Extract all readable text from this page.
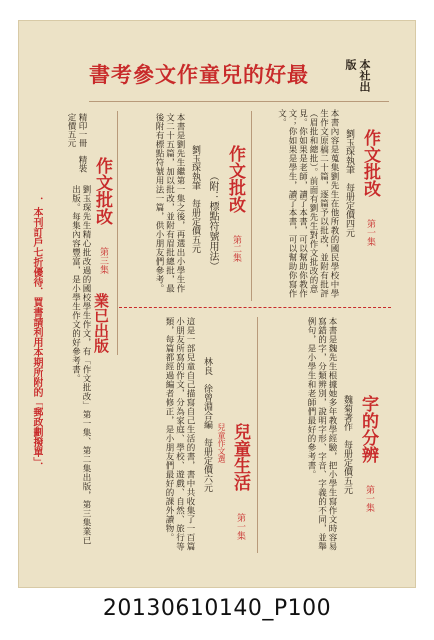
最好的兒童作文參考書	本社出版
作文批改
第一集
劉玉琛執筆　每册定價四元
本書內容是蒐集劉先生在他所教的國民學校中學生作文原稿二十篇，逐篇予以批改，並附有批評（眉批和總批）。前面有劉先生對作文批改的意見。你如果是老師，讀了本書，可以幫助你教作文；你如果是學生，讀了本書，可以幫助你寫作文。
作文批改
第二集
（附：標點符號用法）
劉玉琛執筆　每册定價五元
本書是劉先生繼第一集之後，再選出小學生作文二十五篇，加以批改，並附有眉批總批，最後附有標點符號用法一篇，供小朋友們參考。
作文批改
第三集
業已出版
精印一冊　精裝定價五元
劉玉琛先生精心批改過的國校學生作文，有「作文批改」第一集、第二集出版，第三集業已出版。每集內容豐富，是小學生作文的好參考書。
．本刊訂戶七折優待．買書請利用本期所附的「郵政劃撥單」．	字的分辨
第一集
魏菊著作　每册定價五元
本書是魏先生根據她多年教學經驗，把小學生寫作文時容易寫錯的字，分類辨別，說明字形、字音、字義的不同，並舉例句，是小學生和老師們最好的參考書。
兒童生活
兒童作文選
第一集
林良　徐曾淵合編　每册定價六元
這是一部兒童自己描寫自己生活的書，書中共收集了一百篇小朋友所寫的作文，分為家庭、學校、遊戲、自然、旅行等類，每篇都經過編者修正，是小朋友們最好的課外讀物。
20130610140_P100
